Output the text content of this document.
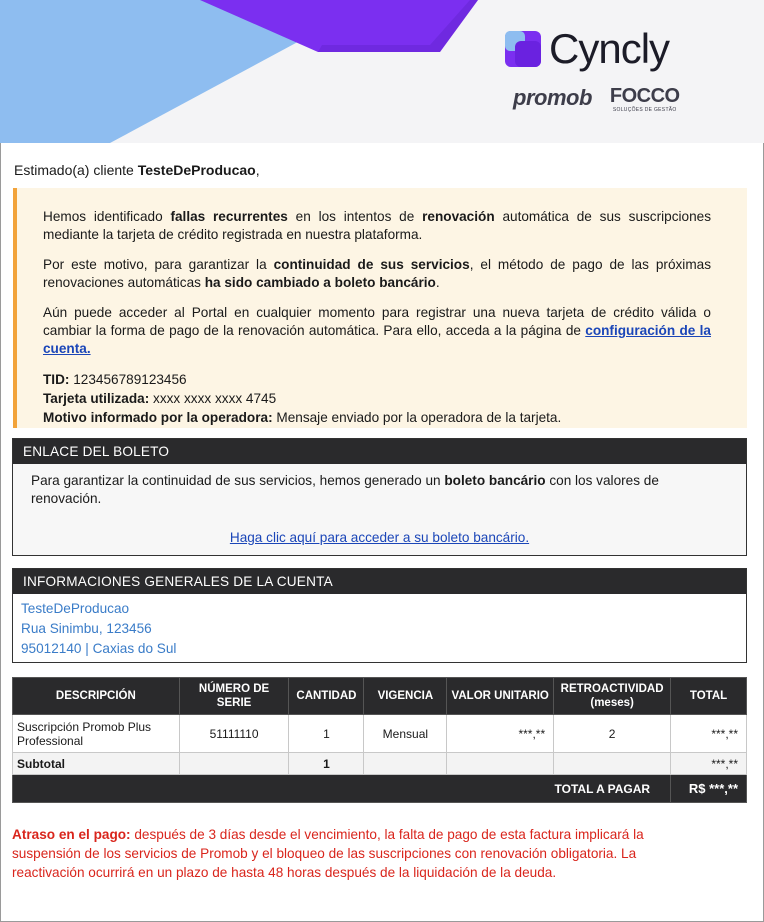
Cyncly
promob FOCCO
SOLUÇÕES DE GESTÃO
Estimado(a) cliente TesteDeProducao,

Hemos identificado fallas recurrentes en los intentos de renovación automática de sus suscripciones mediante la tarjeta de crédito registrada en nuestra plataforma.

Por este motivo, para garantizar la continuidad de sus servicios, el método de pago de las próximas renovaciones automáticas ha sido cambiado a boleto bancário.

Aún puede acceder al Portal en cualquier momento para registrar una nueva tarjeta de crédito válida o cambiar la forma de pago de la renovación automática. Para ello, acceda a la página de configuración de la cuenta.

TID: 123456789123456
Tarjeta utilizada: xxxx xxxx xxxx 4745
Motivo informado por la operadora: Mensaje enviado por la operadora de la tarjeta.
ENLACE DEL BOLETO
Para garantizar la continuidad de sus servicios, hemos generado un boleto bancário con los valores de renovación.
Haga clic aquí para acceder a su boleto bancário.
INFORMACIONES GENERALES DE LA CUENTA
TesteDeProducao
Rua Sinimbu, 123456
95012140 | Caxias do Sul
DESCRIPCIÓN	NÚMERO DE SERIE	CANTIDAD	VIGENCIA	VALOR UNITARIO	RETROACTIVIDAD (meses)	TOTAL
Suscripción Promob Plus Professional	51111110	1	Mensual	***,**	2	***,**
Subtotal		1				***,**
TOTAL A PAGAR						R$ ***,**
Atraso en el pago: después de 3 días desde el vencimiento, la falta de pago de esta factura implicará la suspensión de los servicios de Promob y el bloqueo de las suscripciones con renovación obligatoria. La reactivación ocurrirá en un plazo de hasta 48 horas después de la liquidación de la deuda.
